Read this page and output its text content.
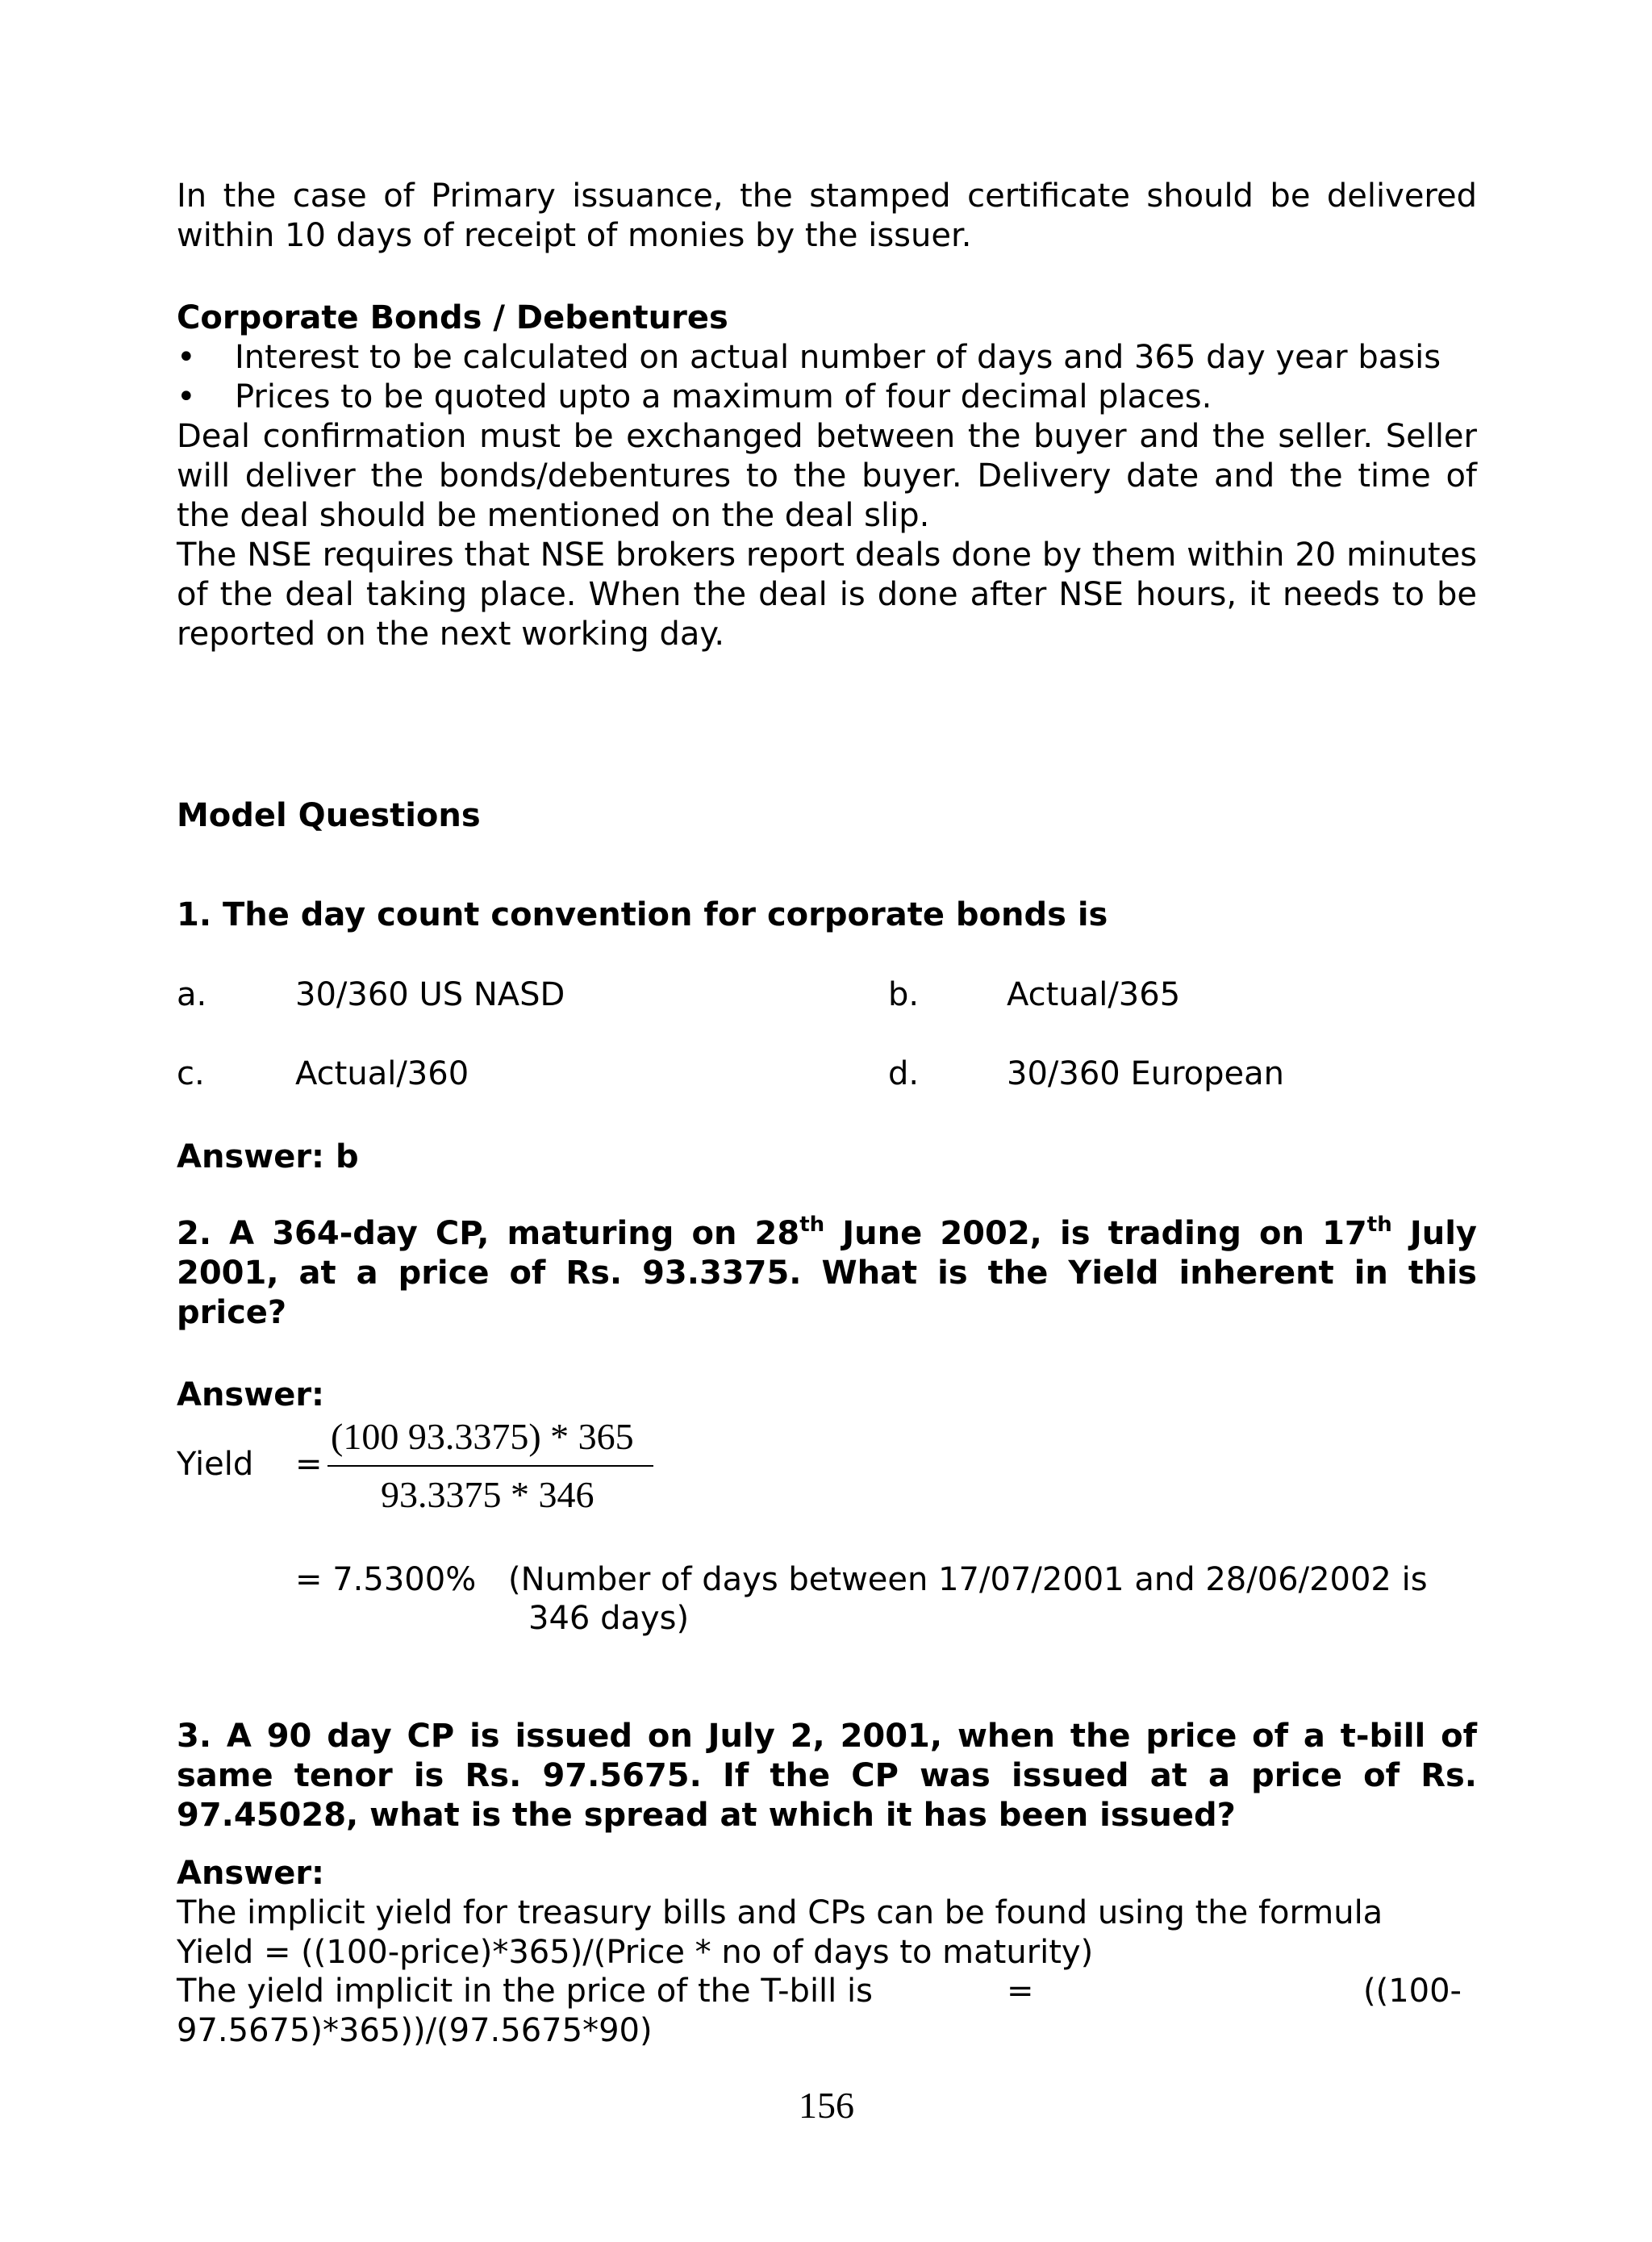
In the case of Primary issuance, the stamped certificate should be delivered within 10 days of receipt of monies by the issuer.

Corporate Bonds / Debentures

• Interest to be calculated on actual number of days and 365 day year basis

• Prices to be quoted upto a maximum of four decimal places.

Deal confirmation must be exchanged between the buyer and the seller. Seller will deliver the bonds/debentures to the buyer. Delivery date and the time of the deal should be mentioned on the deal slip.

The NSE requires that NSE brokers report deals done by them within 20 minutes of the deal taking place. When the deal is done after NSE hours, it needs to be reported on the next working day.

Model Questions

1. The day count convention for corporate bonds is

a.	30/360 US NASD	b.	Actual/365
c.	Actual/360	d.	30/360 European

Answer: b

2. A 364-day CP, maturing on 28th June 2002, is trading on 17th July 2001, at a price of Rs. 93.3375. What is the Yield inherent in this price?

Answer:

Yield =
(100 93.3375) * 365
93.3375 * 346
= 7.5300% (Number of days between 17/07/2001 and 28/06/2002 is
346 days)

3. A 90 day CP is issued on July 2, 2001, when the price of a t-bill of same tenor is Rs. 97.5675. If the CP was issued at a price of Rs. 97.45028, what is the spread at which it has been issued?

Answer:

The implicit yield for treasury bills and CPs can be found using the formula

Yield = ((100-price)*365)/(Price * no of days to maturity)

The yield implicit in the price of the T-bill is	=	((100-
97.5675)*365))/(97.5675*90)
156
